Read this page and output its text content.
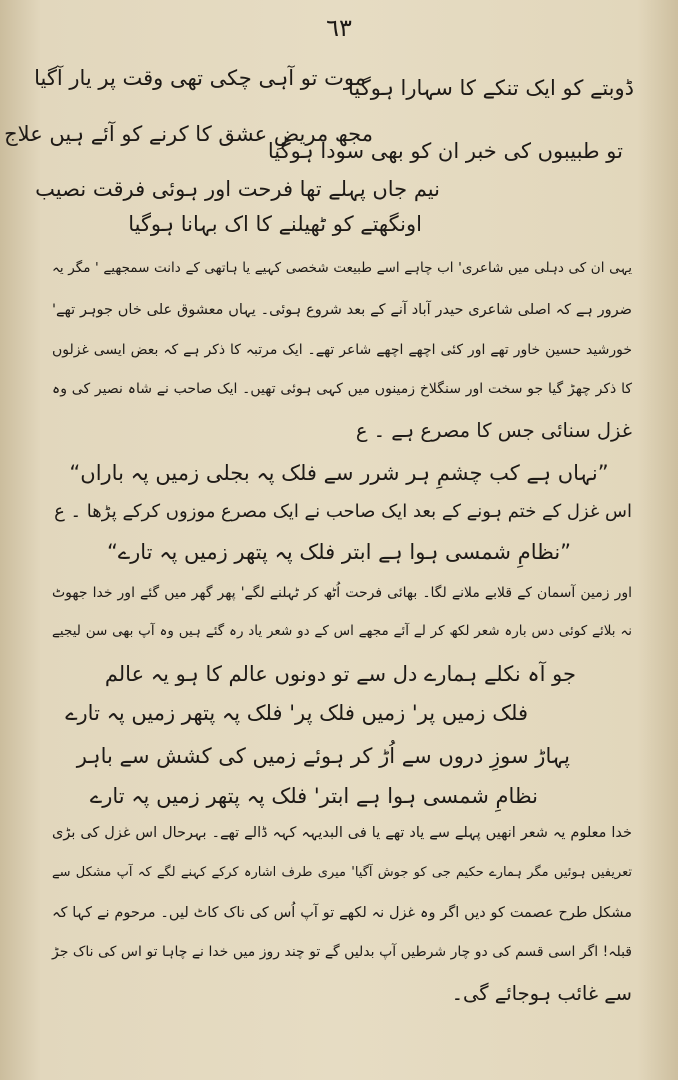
٦٣
موت تو آہی چکی تھی وقت پر یار آگیا
ڈوبتے کو ایک تنکے کا سہارا ہوگیا
مجھ مریضِ عشق کا کرنے کو آئے ہیں علاج
تو طبیبوں کی خبر ان کو بھی سودا ہوگیا
نیم جاں پہلے تھا فرحت اور ہوئی فرقت نصیب
اونگھتے کو ٹھیلنے کا اک بہانا ہوگیا
یہی ان کی دہلی میں شاعری' اب چاہے اسے طبیعت شخصی کہیے یا ہاتھی کے دانت سمجھیے ' مگر یہ
ضرور ہے کہ اصلی شاعری حیدر آباد آنے کے بعد شروع ہوئی۔ یہاں معشوق علی خاں جوہر تھے'
خورشید حسین خاور تھے اور کئی اچھے اچھے شاعر تھے۔ ایک مرتبہ کا ذکر ہے کہ بعض ایسی غزلوں
کا ذکر چھڑ گیا جو سخت اور سنگلاخ زمینوں میں کہی ہوئی تھیں۔ ایک صاحب نے شاہ نصیر کی وہ
غزل سنائی جس کا مصرع ہے ۔ ع
”نہاں ہے کب چشمِ ہر شرر سے فلک پہ بجلی زمیں پہ باراں“
اس غزل کے ختم ہونے کے بعد ایک صاحب نے ایک مصرع موزوں کرکے پڑھا ۔ ع
”نظامِ شمسی ہوا ہے ابتر فلک پہ پتھر زمیں پہ تارے“
اور زمین آسمان کے قلابے ملانے لگا۔ بھائی فرحت اُٹھ کر ٹہلنے لگے' پھر گھر میں گئے اور خدا جھوٹ
نہ بلائے کوئی دس بارہ شعر لکھ کر لے آئے مجھے اس کے دو شعر یاد رہ گئے ہیں وہ آپ بھی سن لیجیے
جو آہ نکلے ہمارے دل سے تو دونوں عالم کا ہو یہ عالم
فلک زمیں پر' زمیں فلک پر' فلک پہ پتھر زمیں پہ تارے
پہاڑ سوزِ دروں سے اُڑ کر ہوئے زمیں کی کشش سے باہر
نظامِ شمسی ہوا ہے ابتر' فلک پہ پتھر زمیں پہ تارے
خدا معلوم یہ شعر انھیں پہلے سے یاد تھے یا فی البدیہہ کہہ ڈالے تھے۔ بہرحال اس غزل کی بڑی
تعریفیں ہوئیں مگر ہمارے حکیم جی کو جوش آگیا' میری طرف اشارہ کرکے کہنے لگے کہ آپ مشکل سے
مشکل طرح عصمت کو دیں اگر وہ غزل نہ لکھے تو آپ اُس کی ناک کاٹ لیں۔ مرحوم نے کہا کہ
قبلہ! اگر اسی قسم کی دو چار شرطیں آپ بدلیں گے تو چند روز میں خدا نے چاہا تو اس کی ناک جڑ
سے غائب ہوجائے گی۔
